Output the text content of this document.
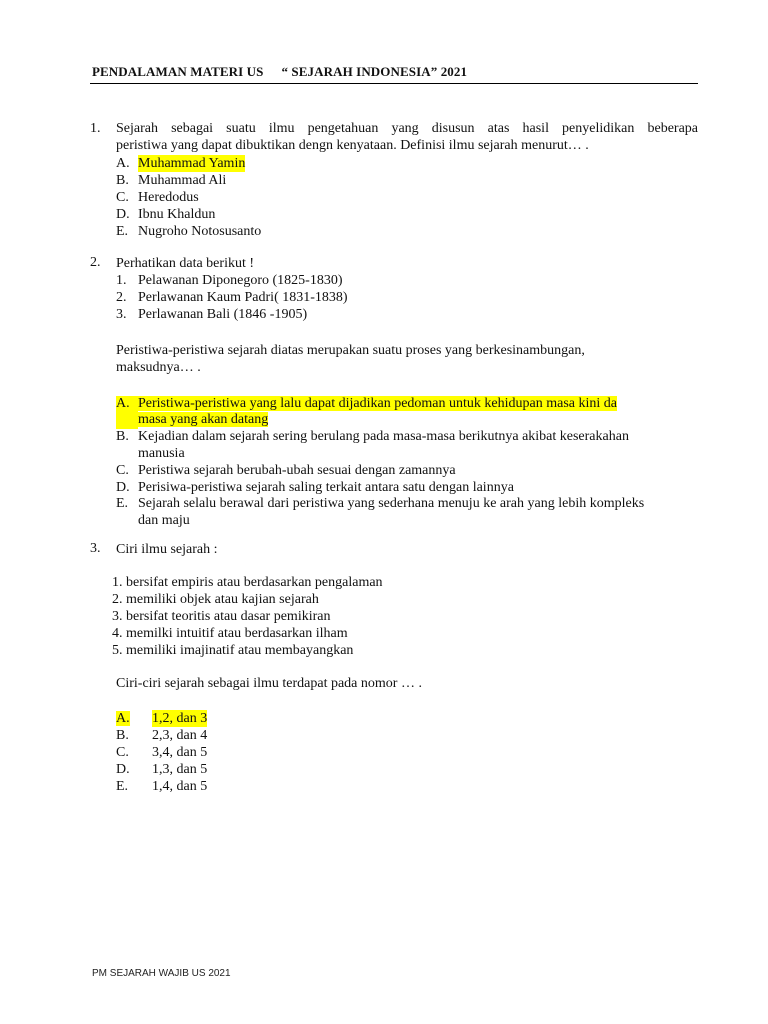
PENDALAMAN MATERI US “ SEJARAH INDONESIA” 2021
1.	Sejarah sebagai suatu ilmu pengetahuan yang disusun atas hasil penyelidikan beberapa
peristiwa yang dapat dibuktikan dengn kenyataan. Definisi ilmu sejarah menurut… .
A. Muhammad Yamin
B. Muhammad Ali
C. Heredodus
D. Ibnu Khaldun
E. Nugroho Notosusanto
2.	Perhatikan data berikut !
1. Pelawanan Diponegoro (1825-1830)
2. Perlawanan Kaum Padri( 1831-1838)
3. Perlawanan Bali (1846 -1905)
Peristiwa-peristiwa sejarah diatas merupakan suatu proses yang berkesinambungan,
maksudnya… .
A. Peristiwa-peristiwa yang lalu dapat dijadikan pedoman untuk kehidupan masa kini da
masa yang akan datang
B. Kejadian dalam sejarah sering berulang pada masa-masa berikutnya akibat keserakahan
manusia
C. Peristiwa sejarah berubah-ubah sesuai dengan zamannya
D. Perisiwa-peristiwa sejarah saling terkait antara satu dengan lainnya
E. Sejarah selalu berawal dari peristiwa yang sederhana menuju ke arah yang lebih kompleks
dan maju
3.	Ciri ilmu sejarah :
1. bersifat empiris atau berdasarkan pengalaman
2. memiliki objek atau kajian sejarah
3. bersifat teoritis atau dasar pemikiran
4. memilki intuitif atau berdasarkan ilham
5. memiliki imajinatif atau membayangkan
Ciri-ciri sejarah sebagai ilmu terdapat pada nomor … .
A.	1,2, dan 3
B.	2,3, dan 4
C.	3,4, dan 5
D.	1,3, dan 5
E.	1,4, dan 5
PM SEJARAH WAJIB US 2021
